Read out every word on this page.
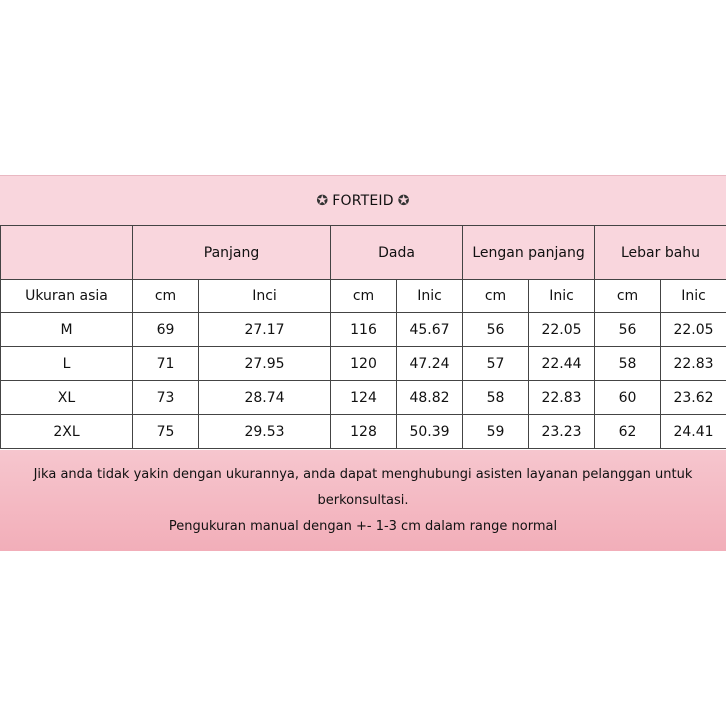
✪ FORTEID ✪
	Panjang		Dada		Lengan panjang		Lebar bahu	
Ukuran asia	cm	Inci	cm	Inic	cm	Inic	cm	Inic
M	69	27.17	116	45.67	56	22.05	56	22.05
L	71	27.95	120	47.24	57	22.44	58	22.83
XL	73	28.74	124	48.82	58	22.83	60	23.62
2XL	75	29.53	128	50.39	59	23.23	62	24.41
Jika anda tidak yakin dengan ukurannya, anda dapat menghubungi asisten layanan pelanggan untuk
berkonsultasi.
Pengukuran manual dengan +- 1-3 cm dalam range normal
